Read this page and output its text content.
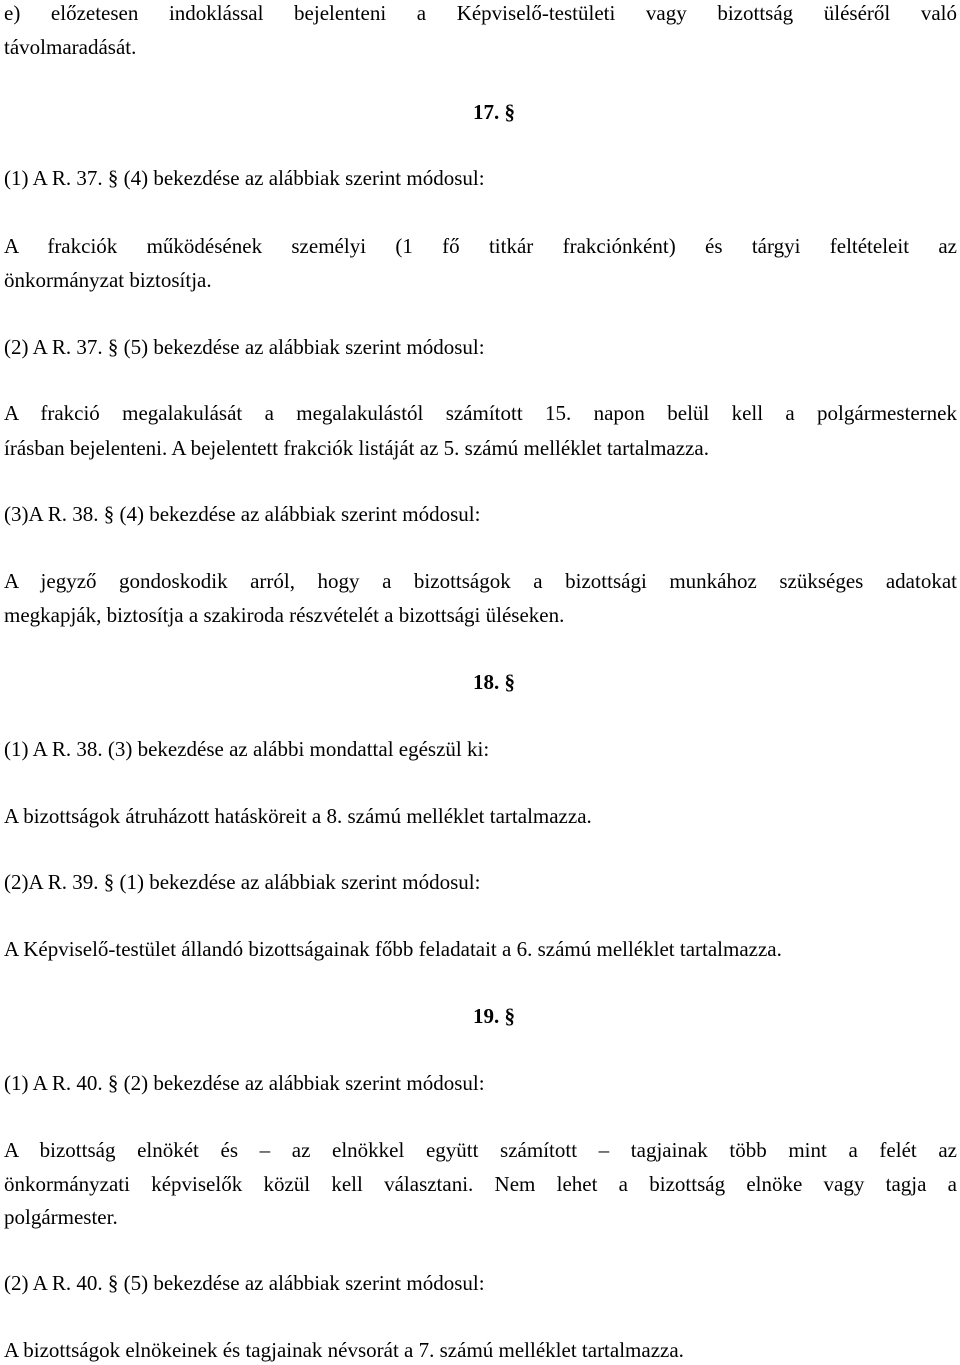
e) előzetesen indoklással bejelenteni a Képviselő-testületi vagy bizottság üléséről való
távolmaradását.
17. §
(1) A R. 37. § (4) bekezdése az alábbiak szerint módosul:
A frakciók működésének személyi (1 fő titkár frakciónként) és tárgyi feltételeit az
önkormányzat biztosítja.
(2) A R. 37. § (5) bekezdése az alábbiak szerint módosul:
A frakció megalakulását a megalakulástól számított 15. napon belül kell a polgármesternek
írásban bejelenteni. A bejelentett frakciók listáját az 5. számú melléklet tartalmazza.
(3)A R. 38. § (4) bekezdése az alábbiak szerint módosul:
A jegyző gondoskodik arról, hogy a bizottságok a bizottsági munkához szükséges adatokat
megkapják, biztosítja a szakiroda részvételét a bizottsági üléseken.
18. §
(1) A R. 38. (3) bekezdése az alábbi mondattal egészül ki:
A bizottságok átruházott hatásköreit a 8. számú melléklet tartalmazza.
(2)A R. 39. § (1) bekezdése az alábbiak szerint módosul:
A Képviselő-testület állandó bizottságainak főbb feladatait a 6. számú melléklet tartalmazza.
19. §
(1) A R. 40. § (2) bekezdése az alábbiak szerint módosul:
A bizottság elnökét és – az elnökkel együtt számított – tagjainak több mint a felét az
önkormányzati képviselők közül kell választani. Nem lehet a bizottság elnöke vagy tagja a
polgármester.
(2) A R. 40. § (5) bekezdése az alábbiak szerint módosul:
A bizottságok elnökeinek és tagjainak névsorát a 7. számú melléklet tartalmazza.
